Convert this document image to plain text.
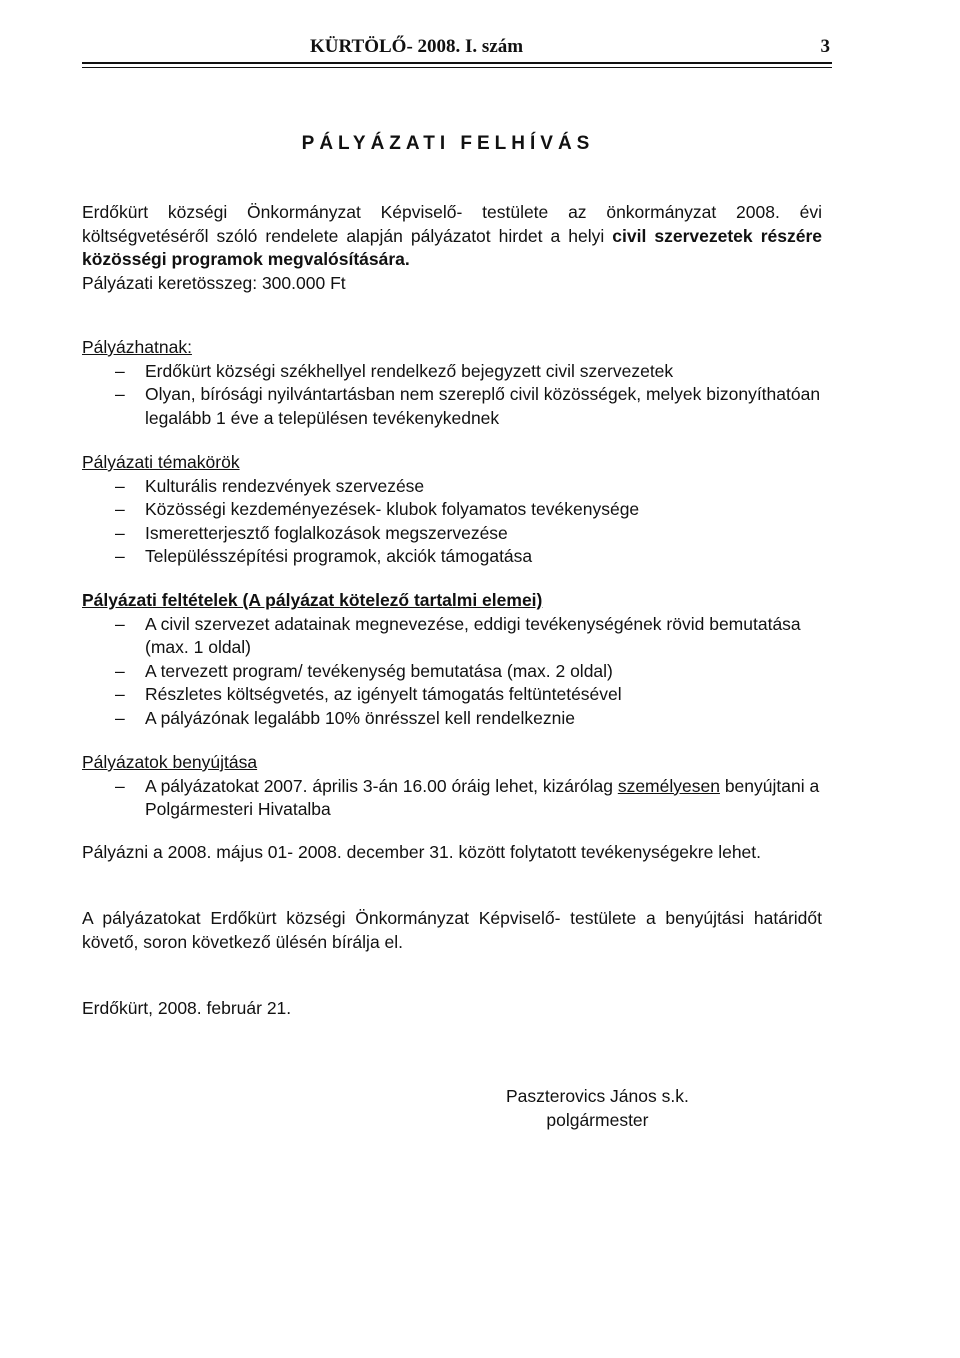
KÜRTÖLŐ- 2008. I. szám	3
PÁLYÁZATI FELHÍVÁS
Erdőkürt községi Önkormányzat Képviselő- testülete az önkormányzat 2008. évi költségvetéséről szóló rendelete alapján pályázatot hirdet a helyi civil szervezetek részére közösségi programok megvalósítására.
Pályázati keretösszeg: 300.000 Ft
Pályázhatnak:
– Erdőkürt községi székhellyel rendelkező bejegyzett civil szervezetek
– Olyan, bírósági nyilvántartásban nem szereplő civil közösségek, melyek bizonyíthatóan legalább 1 éve a településen tevékenykednek
Pályázati témakörök
– Kulturális rendezvények szervezése
– Közösségi kezdeményezések- klubok folyamatos tevékenysége
– Ismeretterjesztő foglalkozások megszervezése
– Településszépítési programok, akciók támogatása
Pályázati feltételek (A pályázat kötelező tartalmi elemei)
– A civil szervezet adatainak megnevezése, eddigi tevékenységének rövid bemutatása (max. 1 oldal)
– A tervezett program/ tevékenység bemutatása (max. 2 oldal)
– Részletes költségvetés, az igényelt támogatás feltüntetésével
– A pályázónak legalább 10% önrésszel kell rendelkeznie
Pályázatok benyújtása
– A pályázatokat 2007. április 3-án 16.00 óráig lehet, kizárólag személyesen benyújtani a Polgármesteri Hivatalba
Pályázni a 2008. május 01- 2008. december 31. között folytatott tevékenységekre lehet.
A pályázatokat Erdőkürt községi Önkormányzat Képviselő- testülete a benyújtási határidőt követő, soron következő ülésén bírálja el.
Erdőkürt, 2008. február 21.
Paszterovics János s.k.
polgármester
